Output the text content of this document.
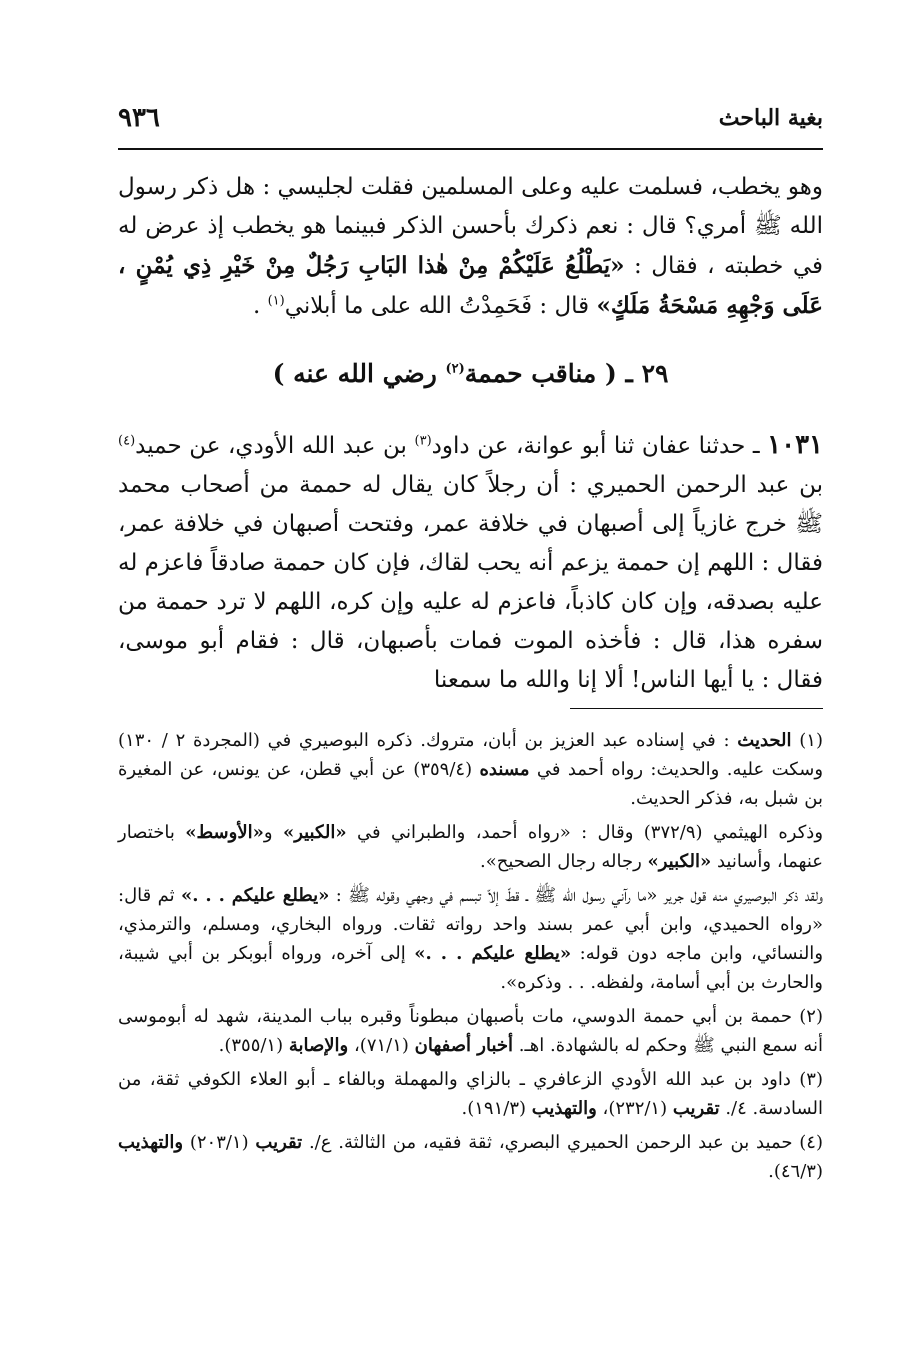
بغية الباحث
٩٣٦

وهو يخطب، فسلمت عليه وعلى المسلمين فقلت لجليسي : هل ذكر رسول الله ﷺ أمري؟ قال : نعم ذكرك بأحسن الذكر فبينما هو يخطب إذ عرض له في خطبته ، فقال : «يَطْلُعُ عَلَيْكُمْ مِنْ هٰذا البَابِ رَجُلٌ مِنْ خَيْرِ ذِي يُمْنٍ ، عَلَى وَجْهِهِ مَسْحَةُ مَلَكٍ» قال : فَحَمِدْتُ الله على ما أبلاني$^{(١)}$ .

٢٩ ـ ( مناقب حممة$^{(٢)}$ رضي الله عنه )

١٠٣١ ـ حدثنا عفان ثنا أبو عوانة، عن داود$^{(٣)}$ بن عبد الله الأودي، عن حميد$^{(٤)}$ بن عبد الرحمن الحميري : أن رجلاً كان يقال له حممة من أصحاب محمد ﷺ خرج غازياً إلى أصبهان في خلافة عمر، وفتحت أصبهان في خلافة عمر، فقال : اللهم إن حممة يزعم أنه يحب لقاك، فإن كان حممة صادقاً فاعزم له عليه بصدقه، وإن كان كاذباً، فاعزم له عليه وإن كره، اللهم لا ترد حممة من سفره هذا، قال : فأخذه الموت فمات بأصبهان، قال : فقام أبو موسى، فقال : يا أيها الناس! ألا إنا والله ما سمعنا

(١) الحديث : في إسناده عبد العزيز بن أبان، متروك. ذكره البوصيري في (المجردة ٢ / ١٣٠) وسكت عليه. والحديث: رواه أحمد في مسنده (٣٥٩/٤) عن أبي قطن، عن يونس، عن المغيرة بن شبل به، فذكر الحديث.

وذكره الهيثمي (٣٧٢/٩) وقال : «رواه أحمد، والطبراني في «الكبير» و«الأوسط» باختصار عنهما، وأسانيد «الكبير» رجاله رجال الصحيح».

ولقد ذكر البوصيري منه قول جرير «ما رآني رسول الله ﷺ ـ قطّ إلاّ تبسم في وجهي وقوله ﷺ : «يطلع عليكم . . .» ثم قال: «رواه الحميدي، وابن أبي عمر بسند واحد رواته ثقات. ورواه البخاري، ومسلم، والترمذي، والنسائي، وابن ماجه دون قوله: «يطلع عليكم . . .» إلى آخره، ورواه أبوبكر بن أبي شيبة، والحارث بن أبي أسامة، ولفظه. . . وذكره».

(٢) حممة بن أبي حممة الدوسي، مات بأصبهان مبطوناً وقبره بباب المدينة، شهد له أبوموسى أنه سمع النبي ﷺ وحكم له بالشهادة. اهـ. أخبار أصفهان (٧١/١)، والإصابة (٣٥٥/١).

(٣) داود بن عبد الله الأودي الزعافري ـ بالزاي والمهملة وبالفاء ـ أبو العلاء الكوفي ثقة، من السادسة. ٤/. تقريب (٢٣٢/١)، والتهذيب (١٩١/٣).

(٤) حميد بن عبد الرحمن الحميري البصري، ثقة فقيه، من الثالثة. ع/. تقريب (٢٠٣/١) والتهذيب (٤٦/٣).
